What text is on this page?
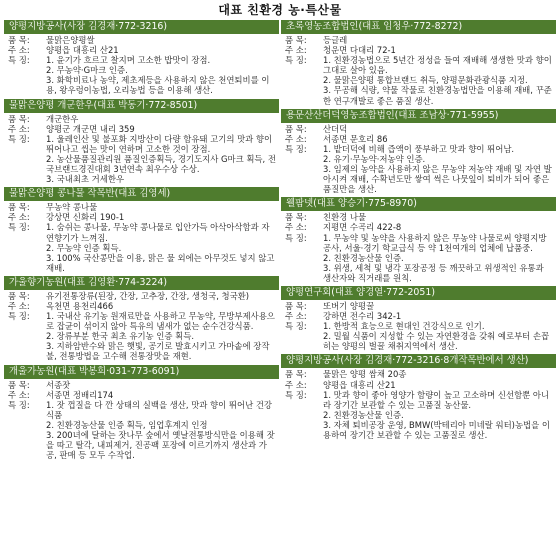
대표 친환경 농·특산물
양평지방공사(사장 김경재·772-3216)
품 목:	물맑은양평쌀
주 소:	양평읍 대흥리 산21
특 징:	1. 윤기가 흐르고 찰지며 고소한 밥맛이 장점.
2. 무농약·G마크 인증.
3. 화학비료나 농약, 제초제등을 사용하지 않은 천연퇴비를 이용, 왕우렁이농법, 오리농법 등을 이용해 생산.
물맑은양평 개군한우(대표 박동기·772-8501)
품 목:	개군한우
주 소:	양평군 개군면 내리 359
특 징:	1. 울레인산 및 불포화 지방산이 다량 함유돼 고기의 맛과 향이 뛰어나고 씹는 맛이 연하며 고소한 것이 장점.
2. 농산물품질관리원 품질인증획득, 경기도지사 G마크 획득, 전국브랜드경진대회 3년연속 최우수상 수상.
3. 국내최초 거세한우
물맑은양평 콩나물 작목반(대표 김영세)
품 목:	무농약 콩나물
주 소:	강상면 신화리 190-1
특 징:	1. 숨쉬는 콩나물, 무농약 콩나물로 입안가득 아삭아삭함과 자연향기가 느껴짐.
2. 무농약 인증 획득.
3. 100% 국산콩만을 이용, 맑은 물 외에는 아무것도 넣지 않고 재배.
가울향기농원(대표 김영환·774-3224)
품 목:	유기전통장류(된장, 간장, 고추장, 간장, 생청국, 청국환)
주 소:	옥천면 용천리466
특 징:	1. 국내산 유기농 원재료만을 사용하고 무농약, 무방부제사용으로 잡균이 섞이지 않아 특유의 냄새가 없는 순수건강식품.
2. 장류부분 한국 최초 유기농 인증 획득.
3. 지하암반수와 맑은 햇빛, 공기로 발효시키고 가마솥에 장작불, 전통방법을 고수해 전통장맛을 재현.
개울가농원(대표 박봉희·031-773-6091)
품 목:	서종잣
주 소:	서종면 정배리174
특 징:	1. 잣 껍질을 다 깐 상태의 실백을 생산, 맛과 향이 뛰어난 건강식품
2. 친환경농산물 인증 획득, 임업후계지 인정
3. 200녀에 달하는 잣나무 숲에서 옛날전통방식만을 이용해 잣을 따고 탈각, 내피제거, 진공팩 포장에 이르기까지 생산과 가공, 판매 등 모두 수작업.
초록영농조합법인(대표 임청우·772-8272)
품 목:	등글레
주 소:	청운면 다대리 72-1
특 징:	1. 친환경농법으로 5년간 정성을 들여 재배해 생생한 맛과 향이 그대로 살아 있음.
2. 물맑은양평 통합브랜드 취득, 양평문화관광식품 지정.
3. 무공해 식량, 약물 작물로 친환경농법만을 이용해 재배, 꾸준한 연구개발로 좋은 품질 생산.
용문산산더덕영농조합법인(대표 조남상·771-5955)
품 목:	산더덕
주 소:	서종면 문호리 86
특 징:	1. 밭더덕에 비해 즙액이 풍부하고 맛과 향이 뛰어남.
2. 유기·무농약·저농약 인증.
3. 임제의 농약을 사용하지 않은 무농약 저농약 재배 및 자연 발아시켜 재배, 수확년도만 쌓여 썩은 나뭇잎이 퇴비가 되어 좋은 품질만을 생산.
웰팜넷(대표 양승기·775-8970)
품 목:	친환경 나물
주 소:	지평면 수곡리 422-8
특 징:	1. 무농약 및 농약을 사용하지 않은 무농약 나물로써 양평지방공사, 서울·경기 학교급식 등 약 1천여개의 업체에 납품중.
2. 친환경농산물 인증.
3. 위생, 세척 및 냉각 포장공정 등 깨끗하고 위생적인 유통과 생산자와 직거래를 원칙.
양평연구회(대표 양경열·772-2051)
품 목:	또버기 양평꿀
주 소:	강하면 전수리 342-1
특 징:	1. 한방적 효능으로 현대인 건강식으로 인기.
2. 밀월 식품이 지성할 수 있는 자연환경을 갖춰 예로부터 손꼽히는 양평의 벌꿀 채취지역에서 생산.
양평지방공사(사장 김경재·772-3216·8개작목반에서 생산)
품 목:	물맑은 양평 쌈채 20종
주 소:	양평읍 대흥리 산21
특 징:	1. 맛과 향이 좋아 영양가 함량이 높고 고소하며 신선함뿐 아니라 장기간 보관할 수 있는 고품질 농산물.
2. 친환경농산물 인증.
3. 자체 퇴비공장 운영, BMW(박테리아 미네랄 워터)농법을 이용하여 장기간 보관할 수 있는 고품질로 생산.
